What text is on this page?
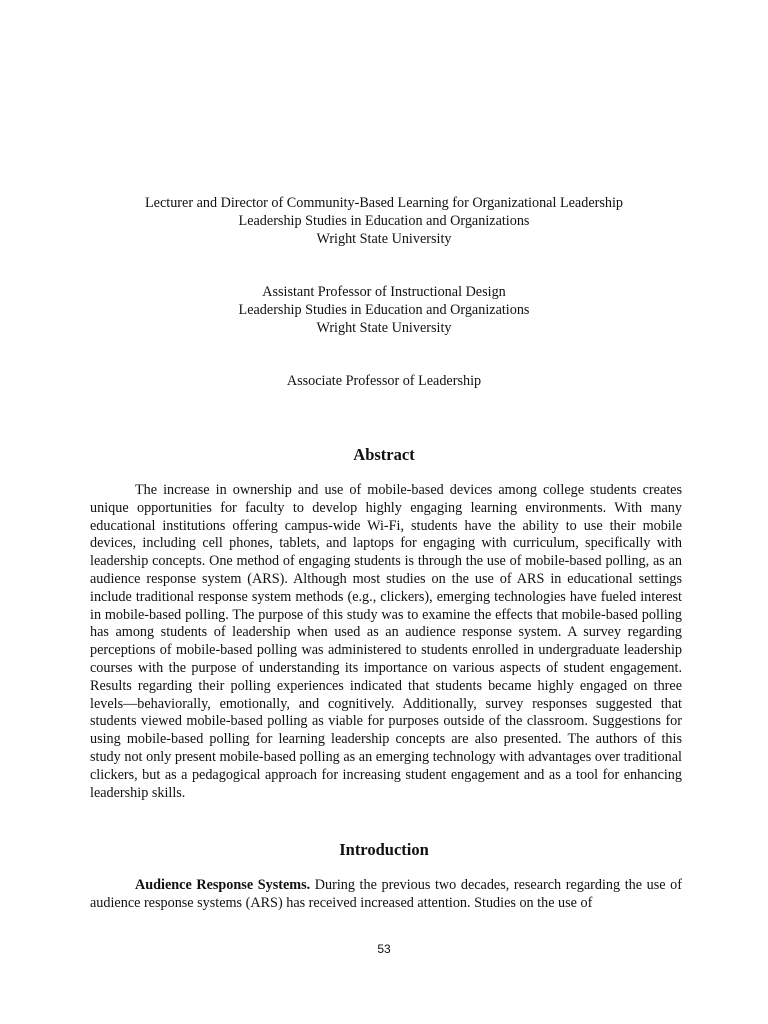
Lecturer and Director of Community-Based Learning for Organizational Leadership
Leadership Studies in Education and Organizations
Wright State University
Assistant Professor of Instructional Design
Leadership Studies in Education and Organizations
Wright State University
Associate Professor of Leadership
Abstract

The increase in ownership and use of mobile-based devices among college students creates unique opportunities for faculty to develop highly engaging learning environments. With many educational institutions offering campus-wide Wi-Fi, students have the ability to use their mobile devices, including cell phones, tablets, and laptops for engaging with curriculum, specifically with leadership concepts. One method of engaging students is through the use of mobile-based polling, as an audience response system (ARS). Although most studies on the use of ARS in educational settings include traditional response system methods (e.g., clickers), emerging technologies have fueled interest in mobile-based polling. The purpose of this study was to examine the effects that mobile-based polling has among students of leadership when used as an audience response system. A survey regarding perceptions of mobile-based polling was administered to students enrolled in undergraduate leadership courses with the purpose of understanding its importance on various aspects of student engagement. Results regarding their polling experiences indicated that students became highly engaged on three levels—behaviorally, emotionally, and cognitively. Additionally, survey responses suggested that students viewed mobile-based polling as viable for purposes outside of the classroom. Suggestions for using mobile-based polling for learning leadership concepts are also presented. The authors of this study not only present mobile-based polling as an emerging technology with advantages over traditional clickers, but as a pedagogical approach for increasing student engagement and as a tool for enhancing leadership skills.

Introduction

Audience Response Systems. During the previous two decades, research regarding the use of audience response systems (ARS) has received increased attention. Studies on the use of

53
